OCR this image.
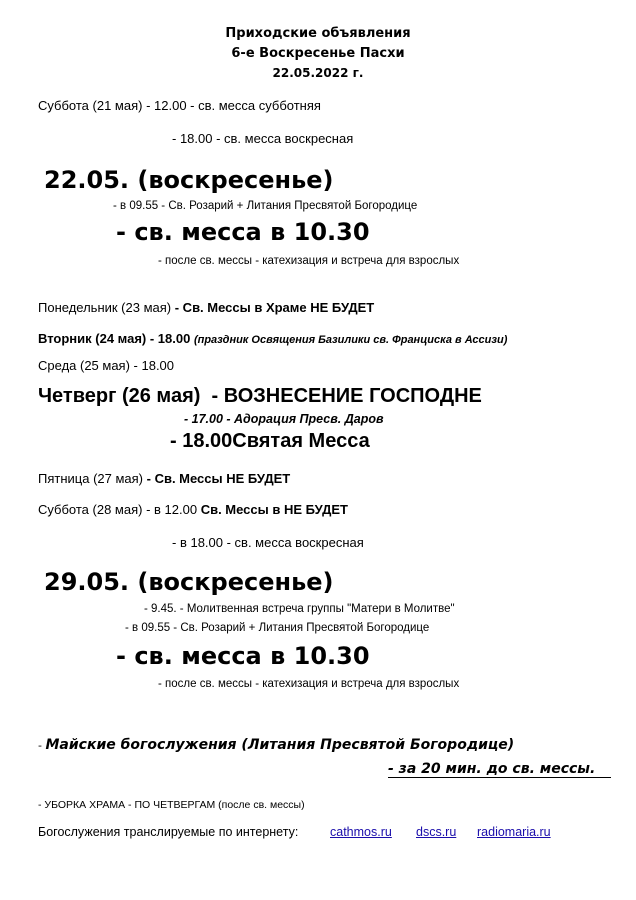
Приходские объявления
6-е Воскресенье Пасхи
22.05.2022 г.
Суббота (21 мая) - 12.00 - св. месса субботняя
- 18.00 - св. месса воскресная
22.05. (воскресенье)
- в 09.55 - Св. Розарий + Литания Пресвятой Богородице
- св. месса в 10.30
- после св. мессы - катехизация и встреча для взрослых
Понедельник (23 мая) - Св. Мессы в Храме НЕ БУДЕТ
Вторник (24 мая) - 18.00 (праздник Освящения Базилики св. Франциска в Ассизи)
Среда (25 мая) - 18.00
Четверг (26 мая) - ВОЗНЕСЕНИЕ ГОСПОДНЕ
- 17.00 - Адорация Пресв. Даров
- 18.00Святая Месса
Пятница (27 мая) - Св. Мессы НЕ БУДЕТ
Суббота (28 мая) - в 12.00 Св. Мессы в НЕ БУДЕТ
- в 18.00 - св. месса воскресная
29.05. (воскресенье)
- 9.45. - Молитвенная встреча группы "Матери в Молитве"
- в 09.55 - Св. Розарий + Литания Пресвятой Богородице
- св. месса в 10.30
- после св. мессы - катехизация и встреча для взрослых
- Майские богослужения (Литания Пресвятой Богородице)
- за 20 мин. до св. мессы.
- УБОРКА ХРАМА - ПО ЧЕТВЕРГАМ (после св. мессы)
Богослужения транслируемые по интернету:	cathmos.ru dscs.ru radiomaria.ru
